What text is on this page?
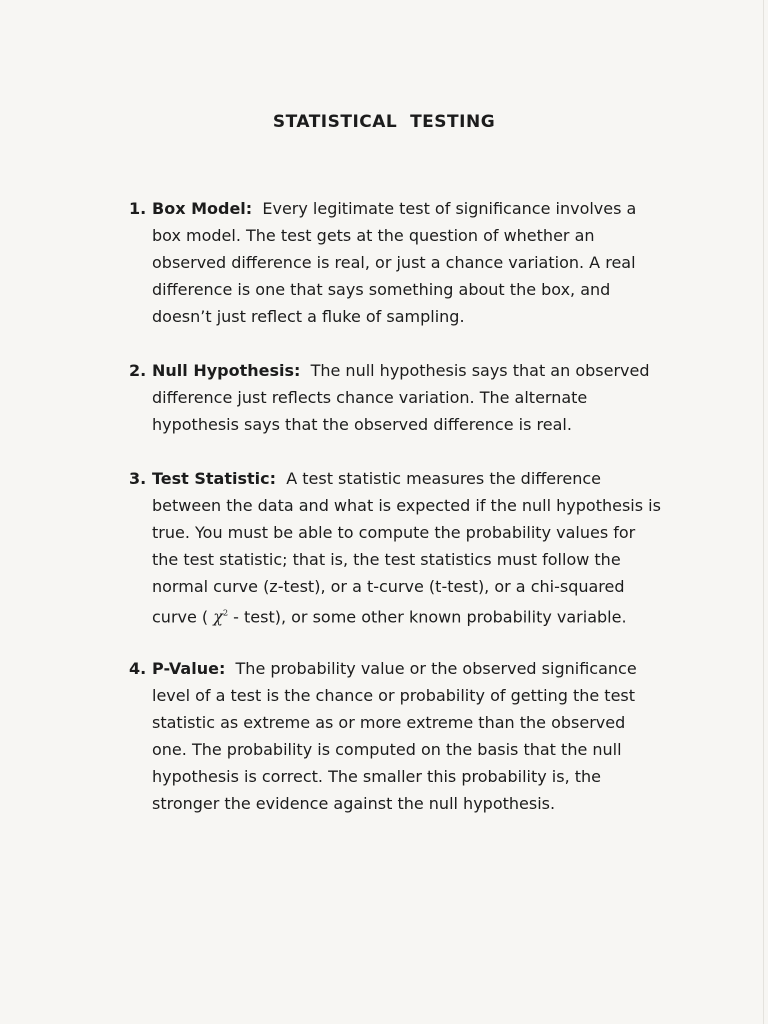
STATISTICAL  TESTING
1. Box Model: Every legitimate test of significance involves a box model. The test gets at the question of whether an observed difference is real, or just a chance variation. A real difference is one that says something about the box, and doesn’t just reflect a fluke of sampling.
2. Null Hypothesis: The null hypothesis says that an observed difference just reflects chance variation. The alternate hypothesis says that the observed difference is real.
3. Test Statistic: A test statistic measures the difference between the data and what is expected if the null hypothesis is true. You must be able to compute the probability values for the test statistic; that is, the test statistics must follow the normal curve (z-test), or a t-curve (t-test), or a chi-squared curve ( $\chi^2$ - test), or some other known probability variable.
4. P-Value: The probability value or the observed significance level of a test is the chance or probability of getting the test statistic as extreme as or more extreme than the observed one. The probability is computed on the basis that the null hypothesis is correct. The smaller this probability is, the stronger the evidence against the null hypothesis.
